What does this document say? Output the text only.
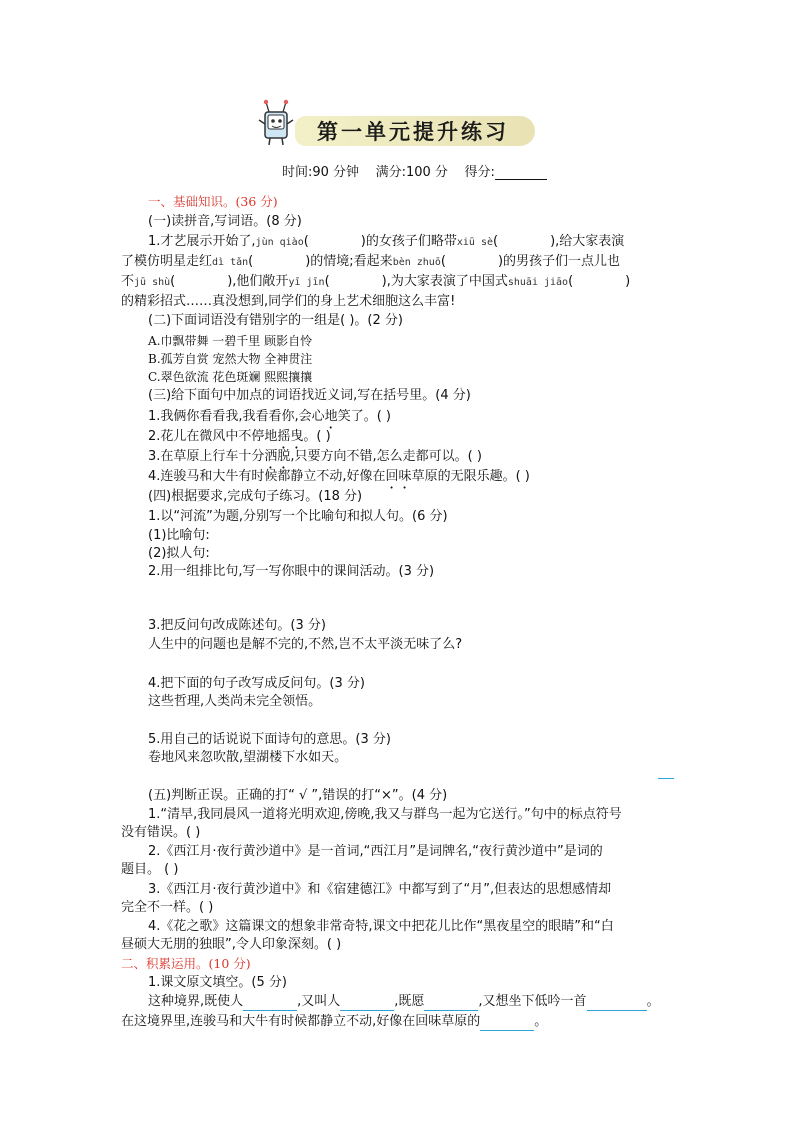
第一单元提升练习
时间:90 分钟 满分:100 分 得分:
一、基础知识。(36 分)
(一)读拼音,写词语。(8 分)
1.才艺展示开始了,jùn qiào(	)的女孩子们略带xiū sè(	),给大家表演
了模仿明星走红dì tǎn(	)的情境;看起来bèn zhuō(	)的男孩子们一点儿也
不jū shù(	),他们敞开yī jīn(	),为大家表演了中国式shuāi jiāo(	)
的精彩招式……真没想到,同学们的身上艺术细胞这么丰富!
(二)下面词语没有错别字的一组是( )。(2 分)
A.巾飘带舞 一碧千里 顾影自怜
B.孤芳自赏 宠然大物 全神贯注
C.翠色欲流 花色斑斓 熙熙攘攘
(三)给下面句中加点的词语找近义词,写在括号里。(4 分)
1.我俩你看看我,我看看你,会心地笑了。( )
2.花儿在微风中不停地摇曳。( )
3.在草原上行车十分洒脱,只要方向不错,怎么走都可以。( )
4.连骏马和大牛有时候都静立不动,好像在回味草原的无限乐趣。( )
(四)根据要求,完成句子练习。(18 分)
1.以“河流”为题,分别写一个比喻句和拟人句。(6 分)
(1)比喻句:
(2)拟人句:
2.用一组排比句,写一写你眼中的课间活动。(3 分)
3.把反问句改成陈述句。(3 分)
人生中的问题也是解不完的,不然,岂不太平淡无味了么?
4.把下面的句子改写成反问句。(3 分)
这些哲理,人类尚未完全领悟。
5.用自己的话说说下面诗句的意思。(3 分)
卷地风来忽吹散,望湖楼下水如天。
(五)判断正误。正确的打“ √ ”,错误的打“×”。(4 分)
1.“清早,我同晨风一道将光明欢迎,傍晚,我又与群鸟一起为它送行。”句中的标点符号
没有错误。( )
2.《西江月·夜行黄沙道中》是一首词,“西江月”是词牌名,“夜行黄沙道中”是词的
题目。 ( )
3.《西江月·夜行黄沙道中》和《宿建德江》中都写到了“月”,但表达的思想感情却
完全不一样。( )
4.《花之歌》这篇课文的想象非常奇特,课文中把花儿比作“黑夜星空的眼睛”和“白
昼硕大无朋的独眼”,令人印象深刻。( )
二、积累运用。(10 分)
1.课文原文填空。(5 分)
这种境界,既使人	,又叫人	,既愿	,又想坐下低吟一首	。
在这境界里,连骏马和大牛有时候都静立不动,好像在回味草原的	。
